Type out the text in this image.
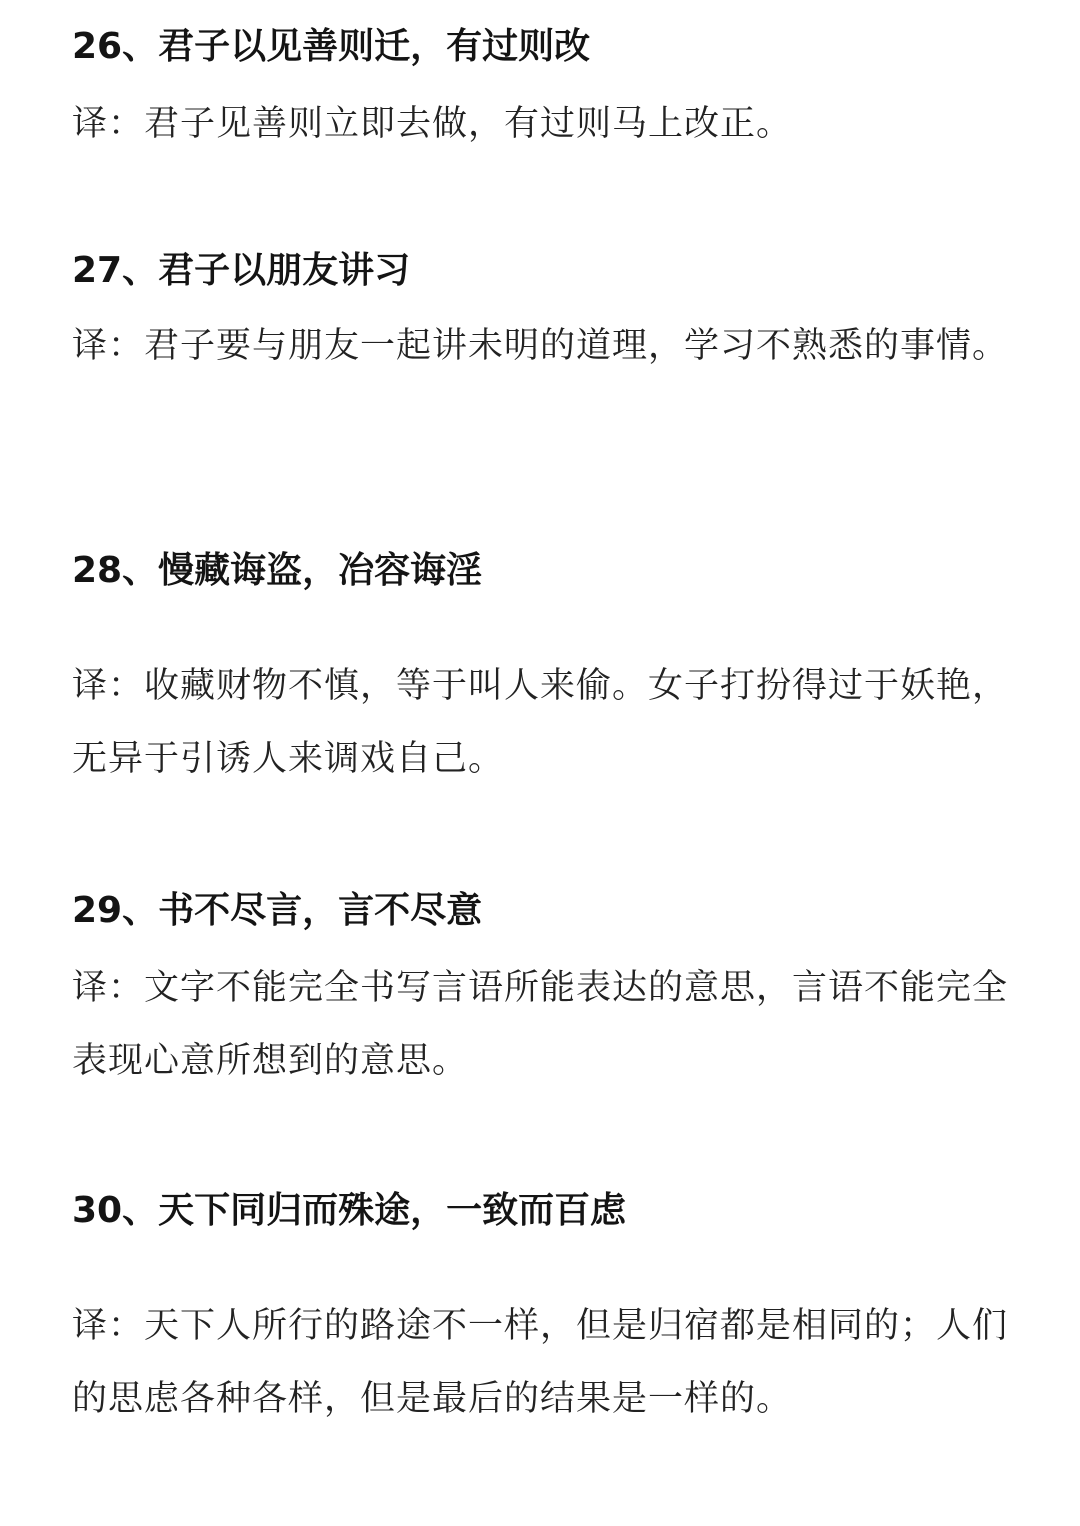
26、君子以见善则迁，有过则改
译：君子见善则立即去做，有过则马上改正。
27、君子以朋友讲习
译：君子要与朋友一起讲未明的道理，学习不熟悉的事情。
28、慢藏诲盗，冶容诲淫
译：收藏财物不慎，等于叫人来偷。女子打扮得过于妖艳，无异于引诱人来调戏自己。
29、书不尽言，言不尽意
译：文字不能完全书写言语所能表达的意思，言语不能完全表现心意所想到的意思。
30、天下同归而殊途，一致而百虑
译：天下人所行的路途不一样，但是归宿都是相同的；人们的思虑各种各样，但是最后的结果是一样的。
